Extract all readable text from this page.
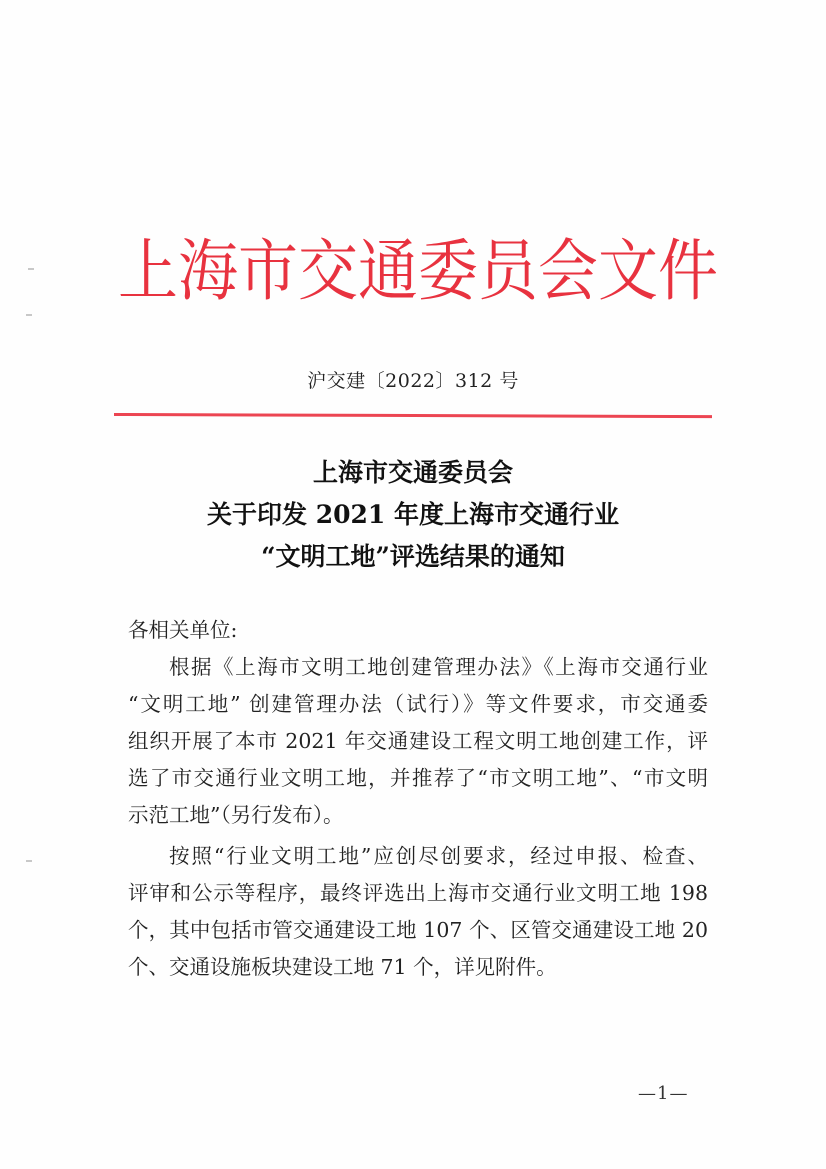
上 海 市 交 通 委 员 会 文 件
沪交建〔2022〕312 号
上海市交通委员会
关于印发 2021 年度上海市交通行业
“文明工地”评选结果的通知

各相关单位:

根据《上海市文明工地创建管理办法》《上海市交通行业

“文明工地” 创建管理办法（试行）》等文件要求，市交通委

组织开展了本市 2021 年交通建设工程文明工地创建工作，评

选了市交通行业文明工地，并推荐了“市文明工地”、“市文明

示范工地”（另行发布）。

按照“行业文明工地”应创尽创要求，经过申报、检查、

评审和公示等程序，最终评选出上海市交通行业文明工地 198

个，其中包括市管交通建设工地 107 个、区管交通建设工地 20

个、交通设施板块建设工地 71 个，详见附件。

—1—
